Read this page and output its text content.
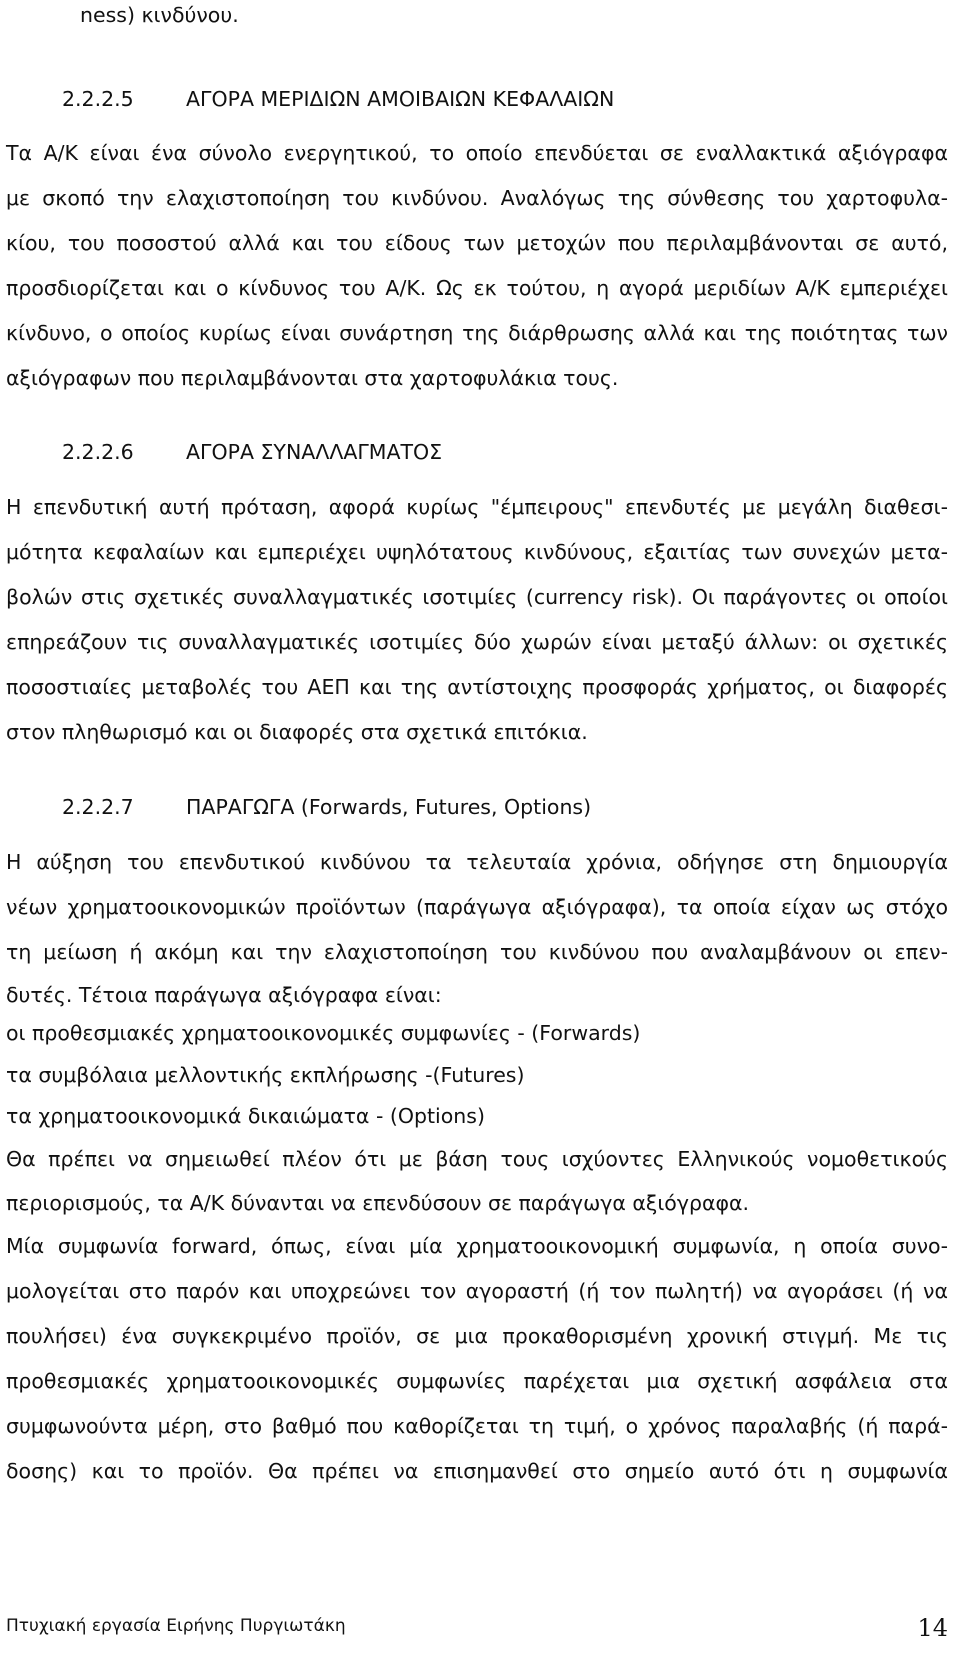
ness) κινδύνου.
2.2.2.5	ΑΓΟΡΑ ΜΕΡΙΔΙΩΝ ΑΜΟΙΒΑΙΩΝ ΚΕΦΑΛΑΙΩΝ
Τα Α/Κ είναι ένα σύνολο ενεργητικού, το οποίο επενδύεται σε εναλλακτικά αξιόγραφα
με σκοπό την ελαχιστοποίηση του κινδύνου. Αναλόγως της σύνθεσης του χαρτοφυλα-
κίου, του ποσοστού αλλά και του είδους των μετοχών που περιλαμβάνονται σε αυτό,
προσδιορίζεται και ο κίνδυνος του Α/Κ. Ως εκ τούτου, η αγορά μεριδίων Α/Κ εμπεριέχει
κίνδυνο, ο οποίος κυρίως είναι συνάρτηση της διάρθρωσης αλλά και της ποιότητας των
αξιόγραφων που περιλαμβάνονται στα χαρτοφυλάκια τους.
2.2.2.6	ΑΓΟΡΑ ΣΥΝΑΛΛΑΓΜΑΤΟΣ
Η επενδυτική αυτή πρόταση, αφορά κυρίως "έμπειρους" επενδυτές με μεγάλη διαθεσι-
μότητα κεφαλαίων και εμπεριέχει υψηλότατους κινδύνους, εξαιτίας των συνεχών μετα-
βολών στις σχετικές συναλλαγματικές ισοτιμίες (currency risk). Οι παράγοντες οι οποίοι
επηρεάζουν τις συναλλαγματικές ισοτιμίες δύο χωρών είναι μεταξύ άλλων: οι σχετικές
ποσοστιαίες μεταβολές του ΑΕΠ και της αντίστοιχης προσφοράς χρήματος, οι διαφορές
στον πληθωρισμό και οι διαφορές στα σχετικά επιτόκια.
2.2.2.7	ΠΑΡΑΓΩΓΑ (Forwards, Futures, Options)
Η αύξηση του επενδυτικού κινδύνου τα τελευταία χρόνια, οδήγησε στη δημιουργία
νέων χρηματοοικονομικών προϊόντων (παράγωγα αξιόγραφα), τα οποία είχαν ως στόχο
τη μείωση ή ακόμη και την ελαχιστοποίηση του κινδύνου που αναλαμβάνουν οι επεν-
δυτές. Τέτοια παράγωγα αξιόγραφα είναι:
οι προθεσμιακές χρηματοοικονομικές συμφωνίες - (Forwards)
τα συμβόλαια μελλοντικής εκπλήρωσης -(Futures)
τα χρηματοοικονομικά δικαιώματα - (Options)
Θα πρέπει να σημειωθεί πλέον ότι με βάση τους ισχύοντες Ελληνικούς νομοθετικούς
περιορισμούς, τα Α/Κ δύνανται να επενδύσουν σε παράγωγα αξιόγραφα.
Μία συμφωνία forward, όπως, είναι μία χρηματοοικονομική συμφωνία, η οποία συνο-
μολογείται στο παρόν και υποχρεώνει τον αγοραστή (ή τον πωλητή) να αγοράσει (ή να
πουλήσει) ένα συγκεκριμένο προϊόν, σε μια προκαθορισμένη χρονική στιγμή. Με τις
προθεσμιακές χρηματοοικονομικές συμφωνίες παρέχεται μια σχετική ασφάλεια στα
συμφωνούντα μέρη, στο βαθμό που καθορίζεται τη τιμή, ο χρόνος παραλαβής (ή παρά-
δοσης) και το προϊόν. Θα πρέπει να επισημανθεί στο σημείο αυτό ότι η συμφωνία
Πτυχιακή εργασία Ειρήνης Πυργιωτάκη	14
